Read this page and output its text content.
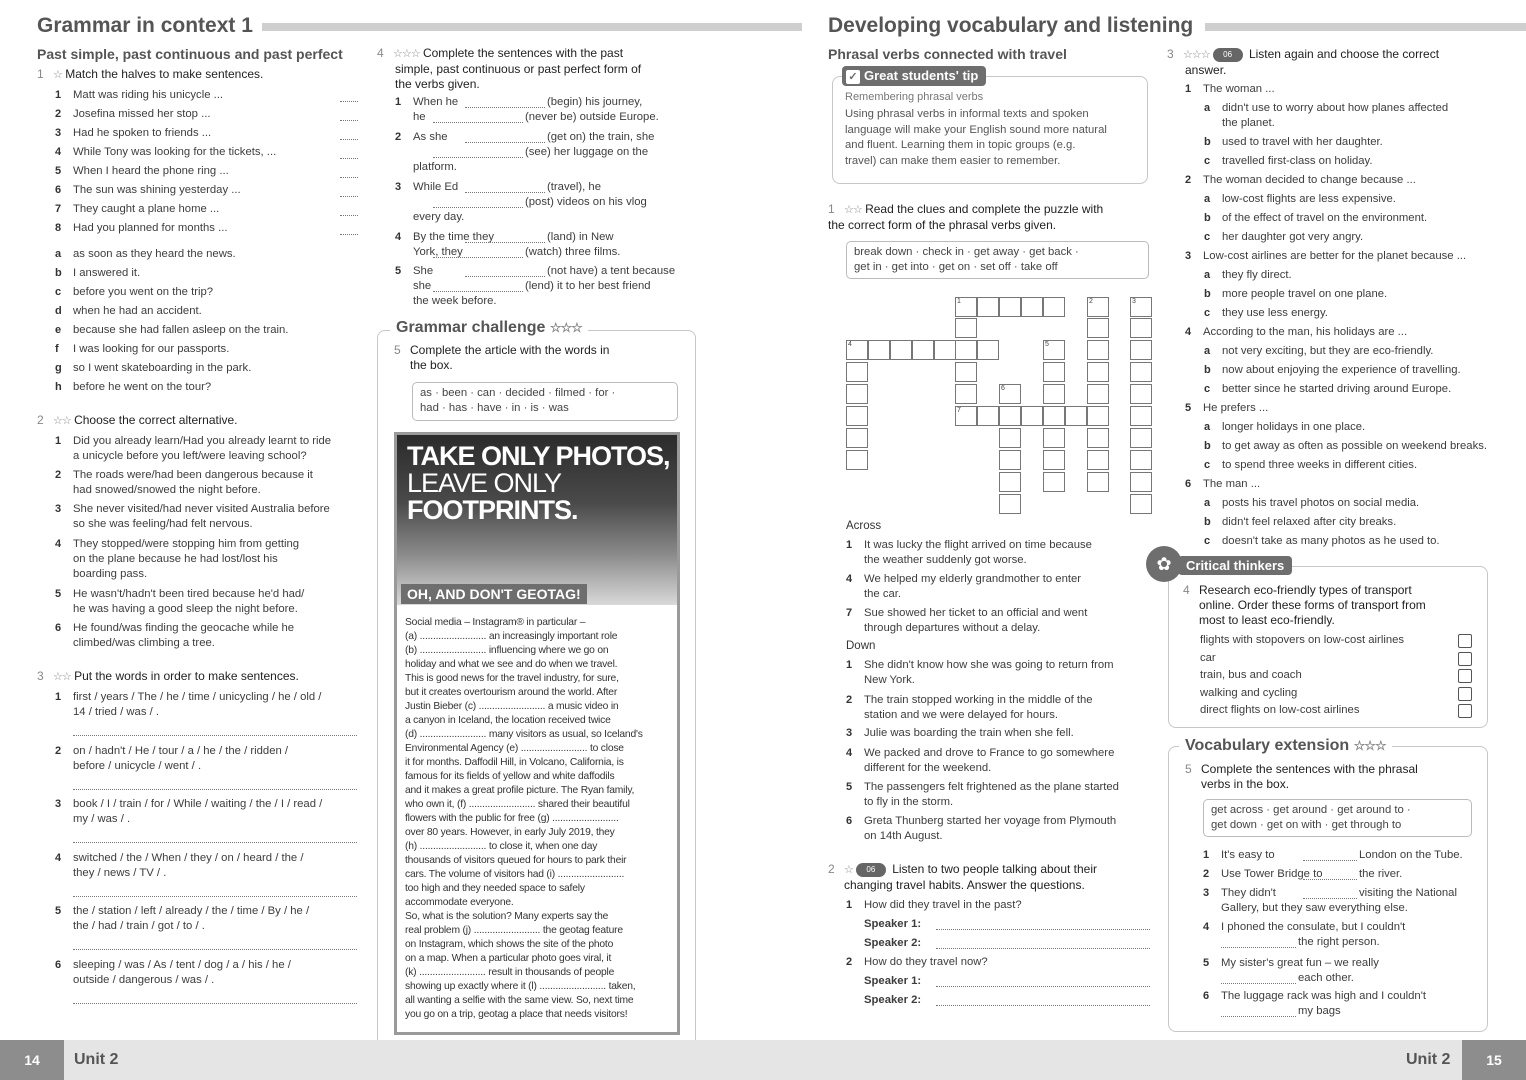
Grammar in context 1
Past simple, past continuous and past perfect
1 ☆ Match the halves to make sentences.
1 Matt was riding his unicycle ...
2 Josefina missed her stop ...
3 Had he spoken to friends ...
4 While Tony was looking for the tickets, ...
5 When I heard the phone ring ...
6 The sun was shining yesterday ...
7 They caught a plane home ...
8 Had you planned for months ...
a as soon as they heard the news.
b I answered it.
c before you went on the trip?
d when he had an accident.
e because she had fallen asleep on the train.
f I was looking for our passports.
g so I went skateboarding in the park.
h before he went on the tour?
2 ☆☆ Choose the correct alternative.
1 Did you already learn/Had you already learnt to ride
a unicycle before you left/were leaving school?
2 The roads were/had been dangerous because it
had snowed/snowed the night before.
3 She never visited/had never visited Australia before
so she was feeling/had felt nervous.
4 They stopped/were stopping him from getting
on the plane because he had lost/lost his
boarding pass.
5 He wasn't/hadn't been tired because he'd had/
he was having a good sleep the night before.
6 He found/was finding the geocache while he
climbed/was climbing a tree.
3 ☆☆ Put the words in order to make sentences.
1 first / years / The / he / time / unicycling / he / old /
14 / tried / was / .
2 on / hadn't / He / tour / a / he / the / ridden /
before / unicycle / went / .
3 book / I / train / for / While / waiting / the / I / read /
my / was / .
4 switched / the / When / they / on / heard / the /
they / news / TV / .
5 the / station / left / already / the / time / By / he /
the / had / train / got / to / .
6 sleeping / was / As / tent / dog / a / his / he /
outside / dangerous / was / .
4 ☆☆☆ Complete the sentences with the past
simple, past continuous or past perfect form of
the verbs given.
1 When he	(begin) his journey,
he	(never be) outside Europe.
2 As she	(get on) the train, she
(see) her luggage on the
platform.
3 While Ed	(travel), he
(post) videos on his vlog
every day.
4 By the time they	(land) in New
York, they	(watch) three films.
5 She	(not have) a tent because
she	(lend) it to her best friend
the week before.
Grammar challenge ☆☆☆
5 Complete the article with the words in
the box.
as · been · can · decided · filmed · for ·
had · has · have · in · is · was
TAKE ONLY PHOTOS,
LEAVE ONLY
FOOTPRINTS.
OH, AND DON'T GEOTAG!
Social media – Instagram® in particular –
(a) ......................... an increasingly important role
(b) ......................... influencing where we go on
holiday and what we see and do when we travel.
This is good news for the travel industry, for sure,
but it creates overtourism around the world. After
Justin Bieber (c) ......................... a music video in
a canyon in Iceland, the location received twice
(d) ......................... many visitors as usual, so Iceland's
Environmental Agency (e) ......................... to close
it for months. Daffodil Hill, in Volcano, California, is
famous for its fields of yellow and white daffodils
and it makes a great profile picture. The Ryan family,
who own it, (f) ......................... shared their beautiful
flowers with the public for free (g) .........................
over 80 years. However, in early July 2019, they
(h) ......................... to close it, when one day
thousands of visitors queued for hours to park their
cars. The volume of visitors had (i) .........................
too high and they needed space to safely
accommodate everyone.
So, what is the solution? Many experts say the
real problem (j) ......................... the geotag feature
on Instagram, which shows the site of the photo
on a map. When a particular photo goes viral, it
(k) ......................... result in thousands of people
showing up exactly where it (l) ......................... taken,
all wanting a selfie with the same view. So, next time
you go on a trip, geotag a place that needs visitors!
14	Unit 2
Developing vocabulary and listening
Phrasal verbs connected with travel
✓ Great students' tip
Remembering phrasal verbs
Using phrasal verbs in informal texts and spoken
language will make your English sound more natural
and fluent. Learning them in topic groups (e.g.
travel) can make them easier to remember.
1 ☆☆ Read the clues and complete the puzzle with
the correct form of the phrasal verbs given.
break down · check in · get away · get back ·
get in · get into · get on · set off · take off
1
4
2	3
5
6
7
Across
1 It was lucky the flight arrived on time because
the weather suddenly got worse.
4 We helped my elderly grandmother to enter
the car.
7 Sue showed her ticket to an official and went
through departures without a delay.
Down
1 She didn't know how she was going to return from
New York.
2 The train stopped working in the middle of the
station and we were delayed for hours.
3 Julie was boarding the train when she fell.
4 We packed and drove to France to go somewhere
different for the weekend.
5 The passengers felt frightened as the plane started
to fly in the storm.
6 Greta Thunberg started her voyage from Plymouth
on 14th August.
2 ☆ 06 Listen to two people talking about their
changing travel habits. Answer the questions.
1 How did they travel in the past?
Speaker 1:
Speaker 2:
2 How do they travel now?
Speaker 1:
Speaker 2:
3 ☆☆☆ 06 Listen again and choose the correct
answer.
1 The woman ...
a didn't use to worry about how planes affected
the planet.
b used to travel with her daughter.
c travelled first-class on holiday.
2 The woman decided to change because ...
a low-cost flights are less expensive.
b of the effect of travel on the environment.
c her daughter got very angry.
3 Low-cost airlines are better for the planet because ...
a they fly direct.
b more people travel on one plane.
c they use less energy.
4 According to the man, his holidays are ...
a not very exciting, but they are eco-friendly.
b now about enjoying the experience of travelling.
c better since he started driving around Europe.
5 He prefers ...
a longer holidays in one place.
b to get away as often as possible on weekend breaks.
c to spend three weeks in different cities.
6 The man ...
a posts his travel photos on social media.
b didn't feel relaxed after city breaks.
c doesn't take as many photos as he used to.
✿	Critical thinkers
4 Research eco-friendly types of transport
online. Order these forms of transport from
most to least eco-friendly.
flights with stopovers on low-cost airlines
car
train, bus and coach
walking and cycling
direct flights on low-cost airlines
Vocabulary extension ☆☆☆
5 Complete the sentences with the phrasal
verbs in the box.
get across · get around · get around to ·
get down · get on with · get through to
1 It's easy to	London on the Tube.
2 Use Tower Bridge to	the river.
3 They didn't	visiting the National
Gallery, but they saw everything else.
4 I phoned the consulate, but I couldn't
the right person.
5 My sister's great fun – we really
each other.
6 The luggage rack was high and I couldn't
my bags
Unit 2	15
